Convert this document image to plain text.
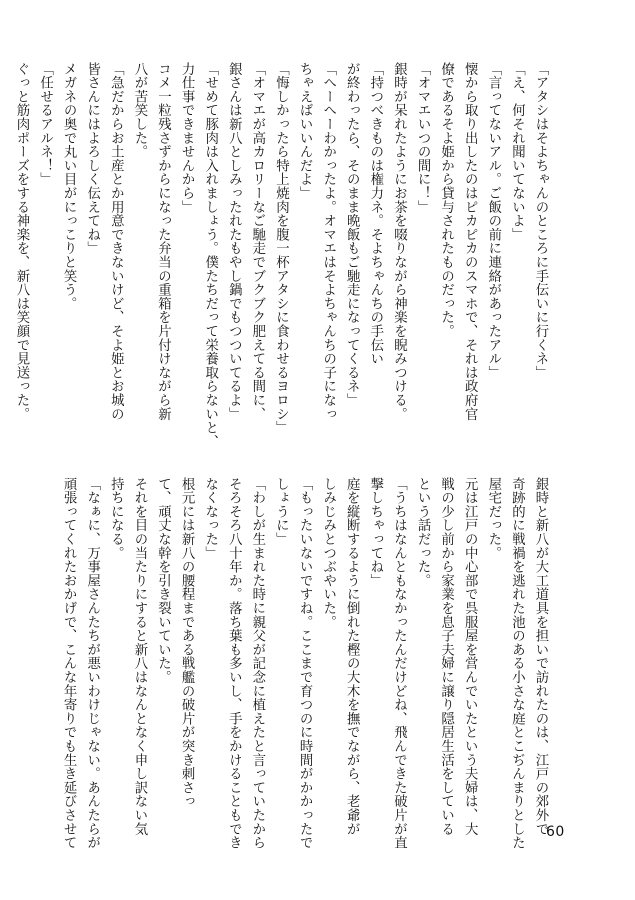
「アタシはそよちゃんのところに手伝いに行くネ」
「え、何それ聞いてないよ」
「言ってないアル。ご飯の前に連絡があったアル」
懐から取り出したのはピカピカのスマホで、それは政府官
僚であるそよ姫から貸与されたものだった。
「オマエいつの間に！」
銀時が呆れたようにお茶を啜りながら神楽を睨みつける。
「持つべきものは権力ネ。そよちゃんちの手伝い
が終わったら、そのまま晩飯もご馳走になってくるネ」
「へーへーわかったよ。オマエはそよちゃんちの子になっ
ちゃえばいいんだよ」
「悔しかったら特上焼肉を腹一杯アタシに食わせるヨロシ」
「オマエが高カロリーなご馳走でブクブク肥えてる間に、
銀さんは新八としみったれたもやし鍋でもつついてるよ」
「せめて豚肉は入れましょう。僕たちだって栄養取らないと、
力仕事できませんから」
コメ一粒残さずからになった弁当の重箱を片付けながら新
八が苦笑した。
「急だからお土産とか用意できないけど、そよ姫とお城の
皆さんにはよろしく伝えてね」
メガネの奥で丸い目がにっこりと笑う。
「任せるアルネ！」
ぐっと筋肉ポーズをする神楽を、新八は笑顔で見送った。
銀時と新八が大工道具を担いで訪れたのは、江戸の郊外で
奇跡的に戦禍を逃れた池のある小さな庭とこぢんまりとした
屋宅だった。
元は江戸の中心部で呉服屋を営んでいたという夫婦は、大
戦の少し前から家業を息子夫婦に譲り隠居生活をしている
という話だった。
「うちはなんともなかったんだけどね、飛んできた破片が直
撃しちゃってね」
庭を縦断するように倒れた樫の大木を撫でながら、老爺が
しみじみとつぶやいた。
「もったいないですね。ここまで育つのに時間がかかったで
しょうに」
「わしが生まれた時に親父が記念に植えたと言っていたから
そろそろ八十年か。落ち葉も多いし、手をかけることもでき
なくなった」
根元には新八の腰程まである戦艦の破片が突き刺さっ
て、頑丈な幹を引き裂いていた。
それを目の当たりにすると新八はなんとなく申し訳ない気
持ちになる。
「なぁに、万事屋さんたちが悪いわけじゃない。あんたらが
頑張ってくれたおかげで、こんな年寄りでも生き延びさせて	60
